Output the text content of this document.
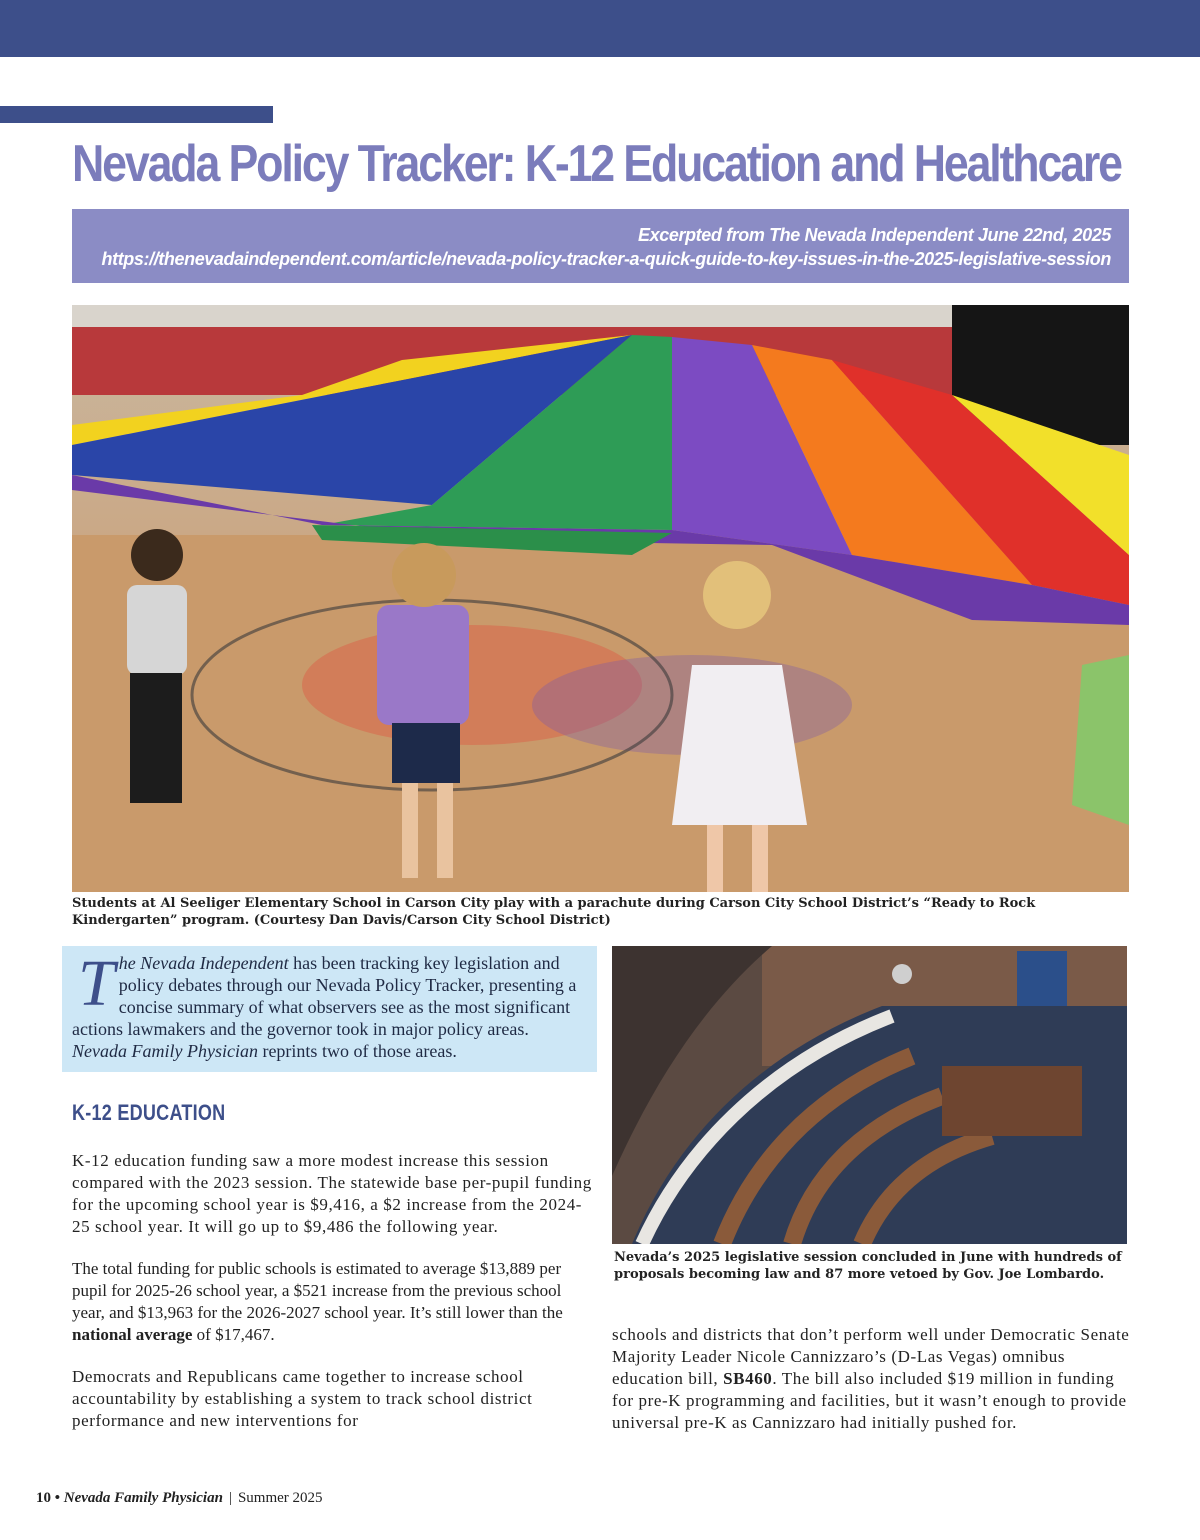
Nevada Policy Tracker: K-12 Education and Healthcare
Excerpted from The Nevada Independent June 22nd, 2025
https://thenevadaindependent.com/article/nevada-policy-tracker-a-quick-guide-to-key-issues-in-the-2025-legislative-session
Students at Al Seeliger Elementary School in Carson City play with a parachute during Carson City School District’s “Ready to Rock Kindergarten” program. (Courtesy Dan Davis/Carson City School District)
The Nevada Independent has been tracking key legislation and policy debates through our Nevada Policy Tracker, presenting a concise summary of what observers see as the most significant actions lawmakers and the governor took in major policy areas. Nevada Family Physician reprints two of those areas.
K-12 EDUCATION

K-12 education funding saw a more modest increase this session compared with the 2023 session. The statewide base per-pupil funding for the upcoming school year is $9,416, a $2 increase from the 2024-25 school year. It will go up to $9,486 the following year.

The total funding for public schools is estimated to average $13,889 per pupil for 2025-26 school year, a $521 increase from the previous school year, and $13,963 for the 2026-2027 school year. It’s still lower than the national average of $17,467.

Democrats and Republicans came together to increase school accountability by establishing a system to track school district performance and new interventions for

Nevada’s 2025 legislative session concluded in June with hundreds of proposals becoming law and 87 more vetoed by Gov. Joe Lombardo.

schools and districts that don’t perform well under Democratic Senate Majority Leader Nicole Cannizzaro’s (D-Las Vegas) omnibus education bill, SB460. The bill also included $19 million in funding for pre-K programming and facilities, but it wasn’t enough to provide universal pre-K as Cannizzaro had initially pushed for.

10 • Nevada Family Physician | Summer 2025
